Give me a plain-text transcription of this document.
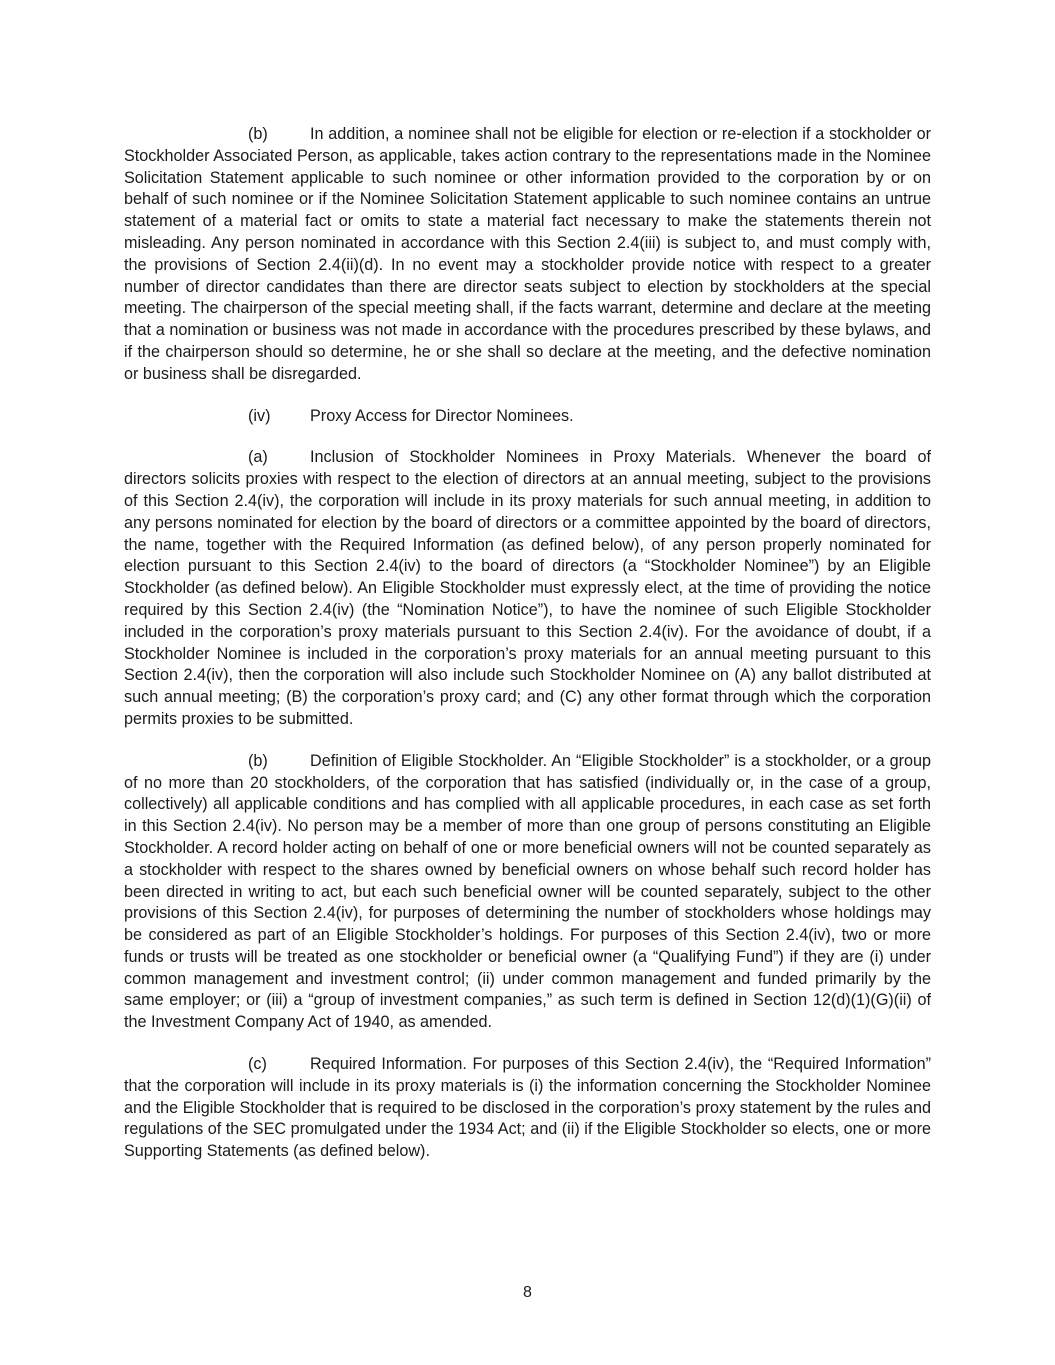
(b)	In addition, a nominee shall not be eligible for election or re-election if a stockholder or Stockholder Associated Person, as applicable, takes action contrary to the representations made in the Nominee Solicitation Statement applicable to such nominee or other information provided to the corporation by or on behalf of such nominee or if the Nominee Solicitation Statement applicable to such nominee contains an untrue statement of a material fact or omits to state a material fact necessary to make the statements therein not misleading. Any person nominated in accordance with this Section 2.4(iii) is subject to, and must comply with, the provisions of Section 2.4(ii)(d). In no event may a stockholder provide notice with respect to a greater number of director candidates than there are director seats subject to election by stockholders at the special meeting. The chairperson of the special meeting shall, if the facts warrant, determine and declare at the meeting that a nomination or business was not made in accordance with the procedures prescribed by these bylaws, and if the chairperson should so determine, he or she shall so declare at the meeting, and the defective nomination or business shall be disregarded.

(iv) Proxy Access for Director Nominees.

(a)	Inclusion of Stockholder Nominees in Proxy Materials. Whenever the board of directors solicits proxies with respect to the election of directors at an annual meeting, subject to the provisions of this Section 2.4(iv), the corporation will include in its proxy materials for such annual meeting, in addition to any persons nominated for election by the board of directors or a committee appointed by the board of directors, the name, together with the Required Information (as defined below), of any person properly nominated for election pursuant to this Section 2.4(iv) to the board of directors (a “Stockholder Nominee”) by an Eligible Stockholder (as defined below). An Eligible Stockholder must expressly elect, at the time of providing the notice required by this Section 2.4(iv) (the “Nomination Notice”), to have the nominee of such Eligible Stockholder included in the corporation’s proxy materials pursuant to this Section 2.4(iv). For the avoidance of doubt, if a Stockholder Nominee is included in the corporation’s proxy materials for an annual meeting pursuant to this Section 2.4(iv), then the corporation will also include such Stockholder Nominee on (A) any ballot distributed at such annual meeting; (B) the corporation’s proxy card; and (C) any other format through which the corporation permits proxies to be submitted.

(b)	Definition of Eligible Stockholder. An “Eligible Stockholder” is a stockholder, or a group of no more than 20 stockholders, of the corporation that has satisfied (individually or, in the case of a group, collectively) all applicable conditions and has complied with all applicable procedures, in each case as set forth in this Section 2.4(iv). No person may be a member of more than one group of persons constituting an Eligible Stockholder. A record holder acting on behalf of one or more beneficial owners will not be counted separately as a stockholder with respect to the shares owned by beneficial owners on whose behalf such record holder has been directed in writing to act, but each such beneficial owner will be counted separately, subject to the other provisions of this Section 2.4(iv), for purposes of determining the number of stockholders whose holdings may be considered as part of an Eligible Stockholder’s holdings. For purposes of this Section 2.4(iv), two or more funds or trusts will be treated as one stockholder or beneficial owner (a “Qualifying Fund”) if they are (i) under common management and investment control; (ii) under common management and funded primarily by the same employer; or (iii) a “group of investment companies,” as such term is defined in Section 12(d)(1)(G)(ii) of the Investment Company Act of 1940, as amended.

(c)	Required Information. For purposes of this Section 2.4(iv), the “Required Information” that the corporation will include in its proxy materials is (i) the information concerning the Stockholder Nominee and the Eligible Stockholder that is required to be disclosed in the corporation’s proxy statement by the rules and regulations of the SEC promulgated under the 1934 Act; and (ii) if the Eligible Stockholder so elects, one or more Supporting Statements (as defined below).

8
